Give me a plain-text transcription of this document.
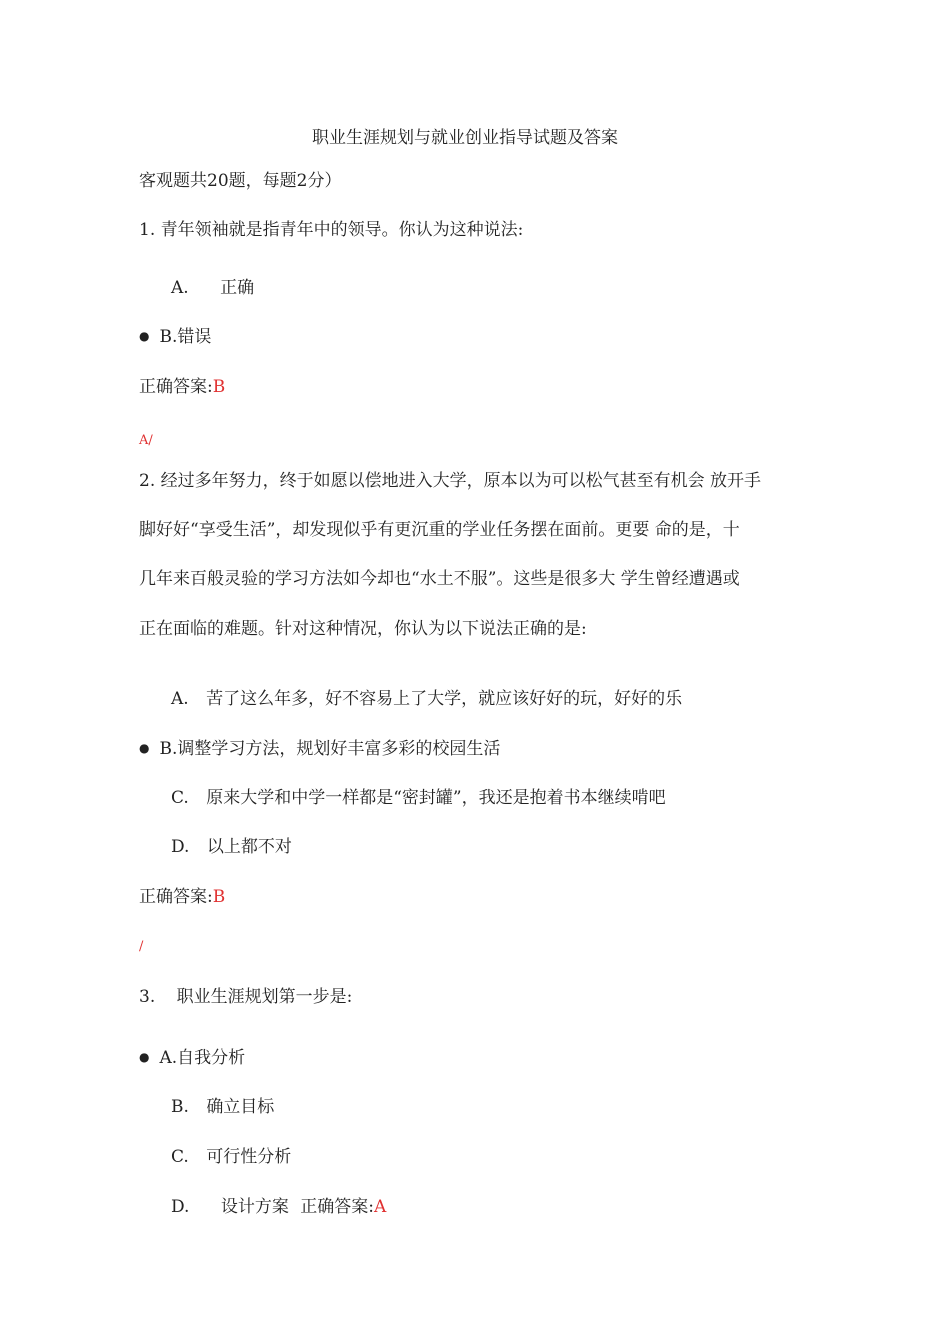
职业生涯规划与就业创业指导试题及答案
客观题共20题，每题2分）
1. 青年领袖就是指青年中的领导。你认为这种说法:
A. 正确
● B.错误
正确答案:B
A/
2. 经过多年努力，终于如愿以偿地进入大学，原本以为可以松气甚至有机会 放开手
脚好好“享受生活”，却发现似乎有更沉重的学业任务摆在面前。更要 命的是，十
几年来百般灵验的学习方法如今却也“水土不服”。这些是很多大 学生曾经遭遇或
正在面临的难题。针对这种情况，你认为以下说法正确的是:
A. 苦了这么年多，好不容易上了大学，就应该好好的玩，好好的乐
● B.调整学习方法，规划好丰富多彩的校园生活
C. 原来大学和中学一样都是“密封罐”，我还是抱着书本继续啃吧
D. 以上都不对
正确答案:B
/
3. 职业生涯规划第一步是:
● A.自我分析
B. 确立目标
C. 可行性分析
D. 设计方案 正确答案:A
